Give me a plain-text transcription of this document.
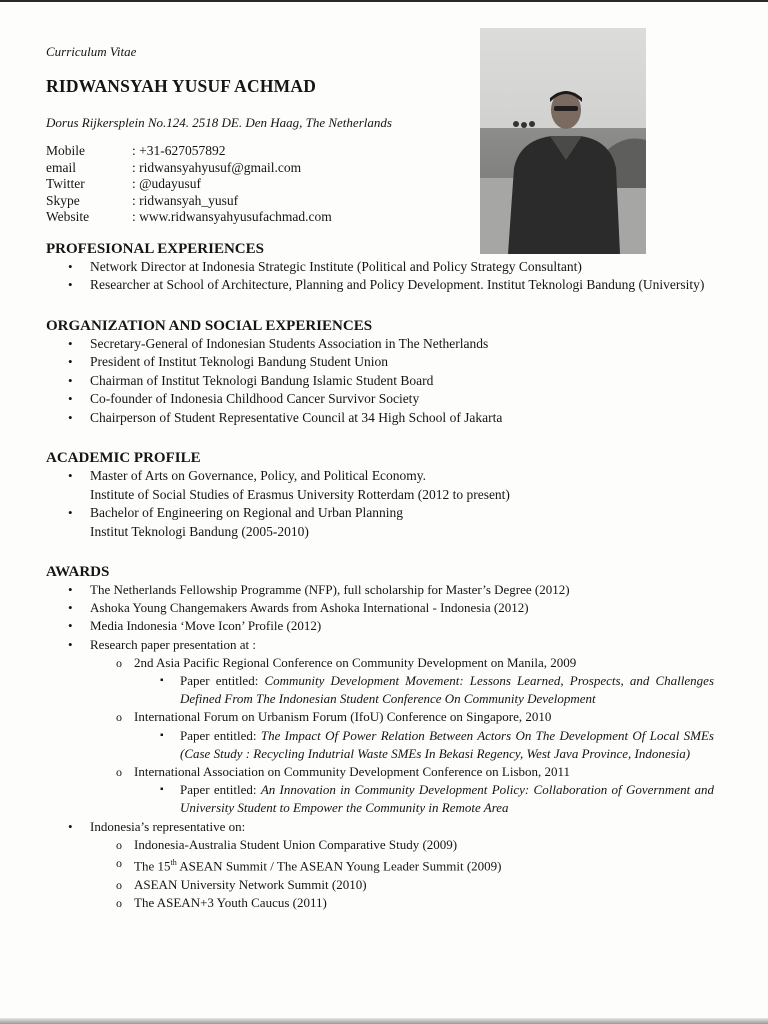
Curriculum Vitae
RIDWANSYAH YUSUF ACHMAD
Dorus Rijkersplein No.124. 2518 DE. Den Haag, The Netherlands
Mobile	: +31-627057892
email	: ridwansyahyusuf@gmail.com
Twitter	: @udayusuf
Skype	: ridwansyah_yusuf
Website	: www.ridwansyahyusufachmad.com
PROFESIONAL EXPERIENCES
• Network Director at Indonesia Strategic Institute (Political and Policy Strategy Consultant)
• Researcher at School of Architecture, Planning and Policy Development. Institut Teknologi Bandung (University)
ORGANIZATION AND SOCIAL EXPERIENCES
• Secretary-General of Indonesian Students Association in The Netherlands
• President of Institut Teknologi Bandung Student Union
• Chairman of Institut Teknologi Bandung Islamic Student Board
• Co-founder of Indonesia Childhood Cancer Survivor Society
• Chairperson of Student Representative Council at 34 High School of Jakarta
ACADEMIC PROFILE
• Master of Arts on Governance, Policy, and Political Economy.
Institute of Social Studies of Erasmus University Rotterdam (2012 to present)
• Bachelor of Engineering on Regional and Urban Planning
Institut Teknologi Bandung (2005-2010)
AWARDS
• The Netherlands Fellowship Programme (NFP), full scholarship for Master’s Degree (2012)
• Ashoka Young Changemakers Awards from Ashoka International - Indonesia (2012)
• Media Indonesia ‘Move Icon’ Profile (2012)
• Research paper presentation at :
o 2nd Asia Pacific Regional Conference on Community Development on Manila, 2009
▪ Paper entitled: Community Development Movement: Lessons Learned, Prospects, and Challenges Defined From The Indonesian Student Conference On Community Development
o International Forum on Urbanism Forum (IfoU) Conference on Singapore, 2010
▪ Paper entitled: The Impact Of Power Relation Between Actors On The Development Of Local SMEs (Case Study : Recycling Indutrial Waste SMEs In Bekasi Regency, West Java Province, Indonesia)
o International Association on Community Development Conference on Lisbon, 2011
▪ Paper entitled: An Innovation in Community Development Policy: Collaboration of Government and University Student to Empower the Community in Remote Area
• Indonesia’s representative on:
o Indonesia-Australia Student Union Comparative Study (2009)
o The 15th ASEAN Summit / The ASEAN Young Leader Summit (2009)
o ASEAN University Network Summit (2010)
o The ASEAN+3 Youth Caucus (2011)
